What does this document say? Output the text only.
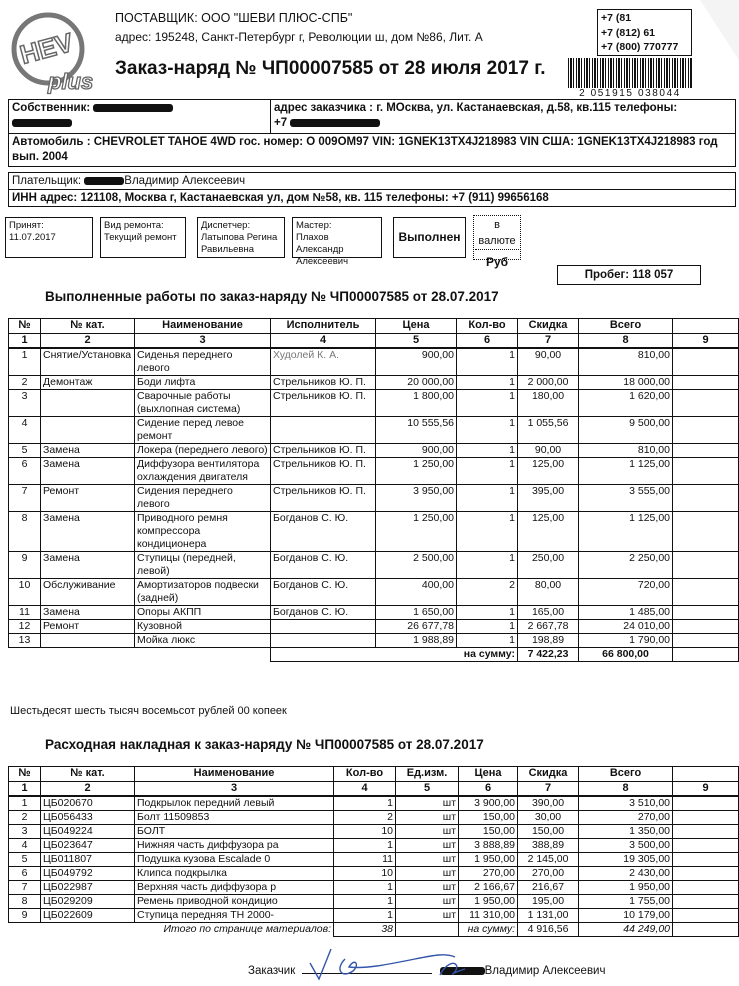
HEV
plus
ПОСТАВЩИК: ООО "ШЕВИ ПЛЮС-СПБ"
адрес: 195248, Санкт-Петербург г, Революции ш, дом №86, Лит. А
Заказ-наряд № ЧП00007585 от 28 июля 2017 г.
+7 (81
+7 (812) 61
+7 (800) 770777
2 051915 038044
Собственник:	адрес заказчика : г. МОсква, ул. Кастанаевская, д.58, кв.115 телефоны:
+7
Автомобиль : CHEVROLET TAHOE 4WD гос. номер: О 009ОМ97 VIN: 1GNEK13TX4J218983 VIN США: 1GNEK13TX4J218983 год вып. 2004
Плательщик:	Владимир Алексеевич
ИНН адрес: 121108, Москва г, Кастанаевская ул, дом №58, кв. 115 телефоны: +7 (911) 99656168
Принят:
11.07.2017
Вид ремонта:
Текущий ремонт
Диспетчер:
Латыпова Регина Равильевна
Мастер:
Плахов Александр Алексеевич
Выполнен
в валюте
Руб
Пробег: 118 057
Выполненные работы по заказ-наряду № ЧП00007585 от 28.07.2017
№	№ кат.	Наименование	Исполнитель	Цена	Кол-во	Скидка	Всего	
1	2	3	4	5	6	7	8	9
1	Снятие/Установка	Сиденья переднего левого	Худолей К. А.	900,00	1	90,00	810,00	
2	Демонтаж	Боди лифта	Стрельников Ю. П.	20 000,00	1	2 000,00	18 000,00	
3		Сварочные работы (выхлопная система)	Стрельников Ю. П.	1 800,00	1	180,00	1 620,00	
4		Сидение перед левое ремонт		10 555,56	1	1 055,56	9 500,00	
5	Замена	Локера (переднего левого)	Стрельников Ю. П.	900,00	1	90,00	810,00	
6	Замена	Диффузора вентилятора охлаждения двигателя	Стрельников Ю. П.	1 250,00	1	125,00	1 125,00	
7	Ремонт	Сидения переднего левого	Стрельников Ю. П.	3 950,00	1	395,00	3 555,00	
8	Замена	Приводного ремня компрессора кондиционера	Богданов С. Ю.	1 250,00	1	125,00	1 125,00	
9	Замена	Ступицы (передней, левой)	Богданов С. Ю.	2 500,00	1	250,00	2 250,00	
10	Обслуживание	Амортизаторов подвески (задней)	Богданов С. Ю.	400,00	2	80,00	720,00	
11	Замена	Опоры АКПП	Богданов С. Ю.	1 650,00	1	165,00	1 485,00	
12	Ремонт	Кузовной		26 677,78	1	2 667,78	24 010,00	
13		Мойка люкс		1 988,89	1	198,89	1 790,00	
			на сумму:			7 422,23	66 800,00	
Шестьдесят шесть тысяч восемьсот рублей 00 копеек
Расходная накладная к заказ-наряду № ЧП00007585 от 28.07.2017
№	№ кат.	Наименование	Кол-во	Ед.изм.	Цена	Скидка	Всего	
1	2	3	4	5	6	7	8	9
1	ЦБ020670	Подкрылок передний левый	1	шт	3 900,00	390,00	3 510,00	
2	ЦБ056433	Болт 11509853	2	шт	150,00	30,00	270,00	
3	ЦБ049224	БОЛТ	10	шт	150,00	150,00	1 350,00	
4	ЦБ023647	Нижняя часть диффузора ра	1	шт	3 888,89	388,89	3 500,00	
5	ЦБ011807	Подушка кузова Escalade 0	11	шт	1 950,00	2 145,00	19 305,00	
6	ЦБ049792	Клипса подкрылка	10	шт	270,00	270,00	2 430,00	
7	ЦБ022987	Верхняя часть диффузора р	1	шт	2 166,67	216,67	1 950,00	
8	ЦБ029209	Ремень приводной кондицио	1	шт	1 950,00	195,00	1 755,00	
9	ЦБ022609	Ступица передняя TH 2000-	1	шт	11 310,00	1 131,00	10 179,00	
Итого по странице материалов:			38		на сумму:	4 916,56	44 249,00	
Заказчик	Владимир Алексеевич
